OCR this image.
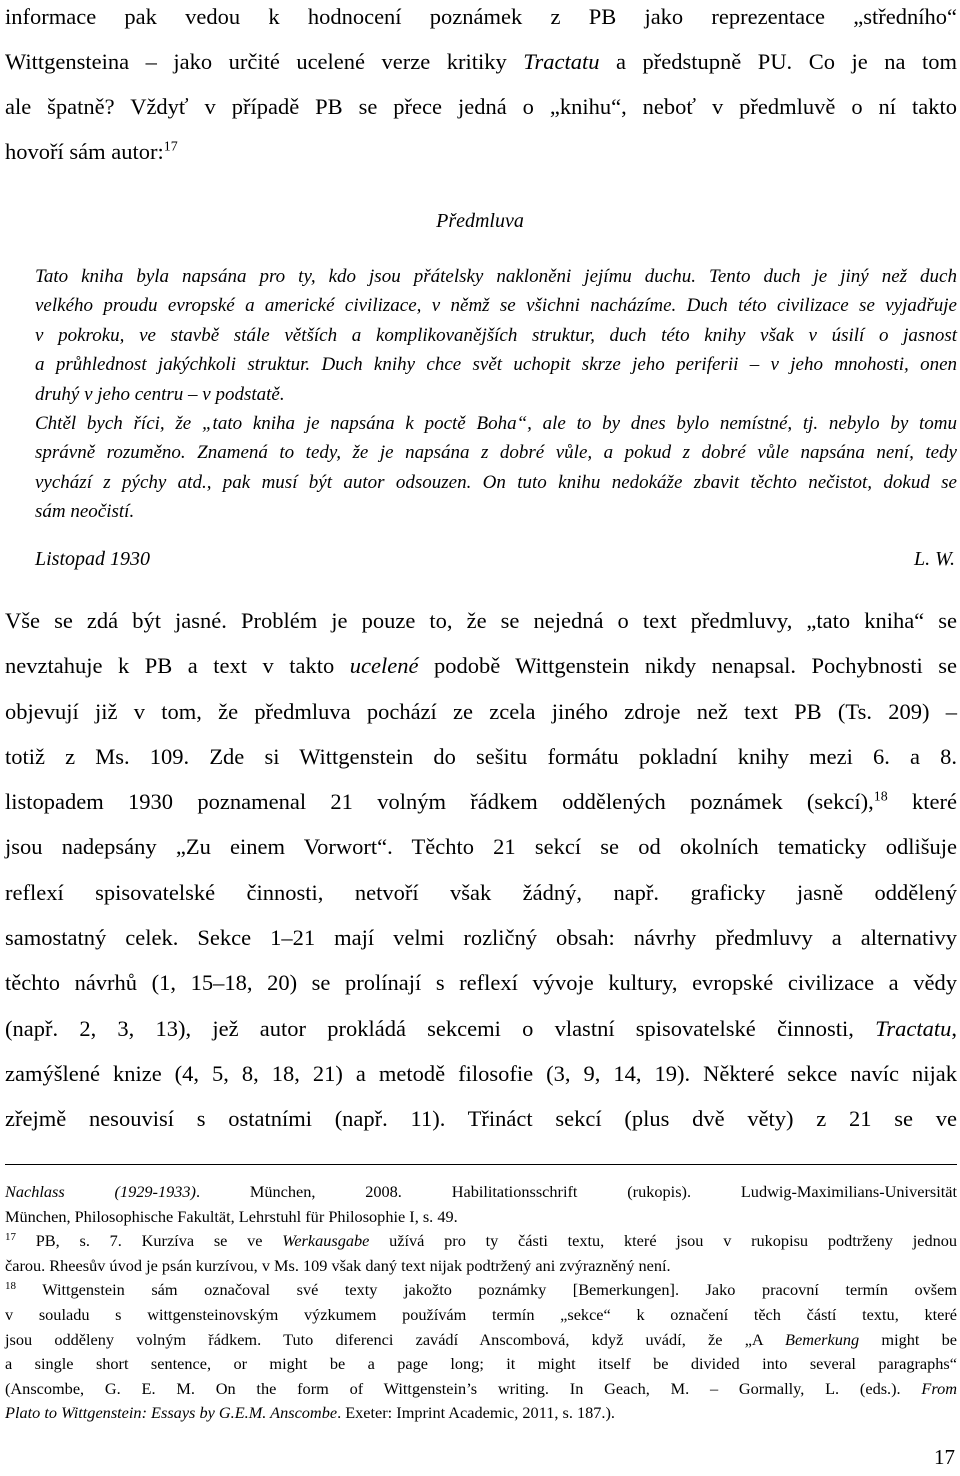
informace pak vedou k hodnocení poznámek z PB jako reprezentace „středního“
Wittgensteina – jako určité ucelené verze kritiky Tractatu a předstupně PU. Co je na tom
ale špatně? Vždyť v případě PB se přece jedná o „knihu“, neboť v předmluvě o ní takto
hovoří sám autor:$^{17}$
Předmluva
Tato kniha byla napsána pro ty, kdo jsou přátelsky nakloněni jejímu duchu. Tento duch je jiný než duch
velkého proudu evropské a americké civilizace, v němž se všichni nacházíme. Duch této civilizace se vyjadřuje
v pokroku, ve stavbě stále větších a komplikovanějších struktur, duch této knihy však v úsilí o jasnost
a průhlednost jakýchkoli struktur. Duch knihy chce svět uchopit skrze jeho periferii – v jeho mnohosti, onen
druhý v jeho centru – v podstatě.
Chtěl bych říci, že „tato kniha je napsána k poctě Boha“, ale to by dnes bylo nemístné, tj. nebylo by tomu
správně rozuměno. Znamená to tedy, že je napsána z dobré vůle, a pokud z dobré vůle napsána není, tedy
vychází z pýchy atd., pak musí být autor odsouzen. On tuto knihu nedokáže zbavit těchto nečistot, dokud se
sám neočistí.
Listopad 1930	L. W.
Vše se zdá být jasné. Problém je pouze to, že se nejedná o text předmluvy, „tato kniha“ se
nevztahuje k PB a text v takto ucelené podobě Wittgenstein nikdy nenapsal. Pochybnosti se
objevují již v tom, že předmluva pochází ze zcela jiného zdroje než text PB (Ts. 209) –
totiž z Ms. 109. Zde si Wittgenstein do sešitu formátu pokladní knihy mezi 6. a 8.
listopadem 1930 poznamenal 21 volným řádkem oddělených poznámek (sekcí),$^{18}$ které
jsou nadepsány „Zu einem Vorwort“. Těchto 21 sekcí se od okolních tematicky odlišuje
reflexí spisovatelské činnosti, netvoří však žádný, např. graficky jasně oddělený
samostatný celek. Sekce 1–21 mají velmi rozličný obsah: návrhy předmluvy a alternativy
těchto návrhů (1, 15–18, 20) se prolínají s reflexí vývoje kultury, evropské civilizace a vědy
(např. 2, 3, 13), jež autor prokládá sekcemi o vlastní spisovatelské činnosti, Tractatu,
zamýšlené knize (4, 5, 8, 18, 21) a metodě filosofie (3, 9, 14, 19). Některé sekce navíc nijak
zřejmě nesouvisí s ostatními (např. 11). Třináct sekcí (plus dvě věty) z 21 se ve
Nachlass (1929-1933). München, 2008. Habilitationsschrift (rukopis). Ludwig-Maximilians-Universität
München, Philosophische Fakultät, Lehrstuhl für Philosophie I, s. 49.
$^{17}$ PB, s. 7. Kurzíva se ve Werkausgabe užívá pro ty části textu, které jsou v rukopisu podtrženy jednou
čarou. Rheesův úvod je psán kurzívou, v Ms. 109 však daný text nijak podtržený ani zvýrazněný není.
$^{18}$ Wittgenstein sám označoval své texty jakožto poznámky [Bemerkungen]. Jako pracovní termín ovšem
v souladu s wittgensteinovským výzkumem používám termín „sekce“ k označení těch částí textu, které
jsou odděleny volným řádkem. Tuto diferenci zavádí Anscombová, když uvádí, že „A Bemerkung might be
a single short sentence, or might be a page long; it might itself be divided into several paragraphs“
(Anscombe, G. E. M. On the form of Wittgenstein’s writing. In Geach, M. – Gormally, L. (eds.). From
Plato to Wittgenstein: Essays by G.E.M. Anscombe. Exeter: Imprint Academic, 2011, s. 187.).
17
